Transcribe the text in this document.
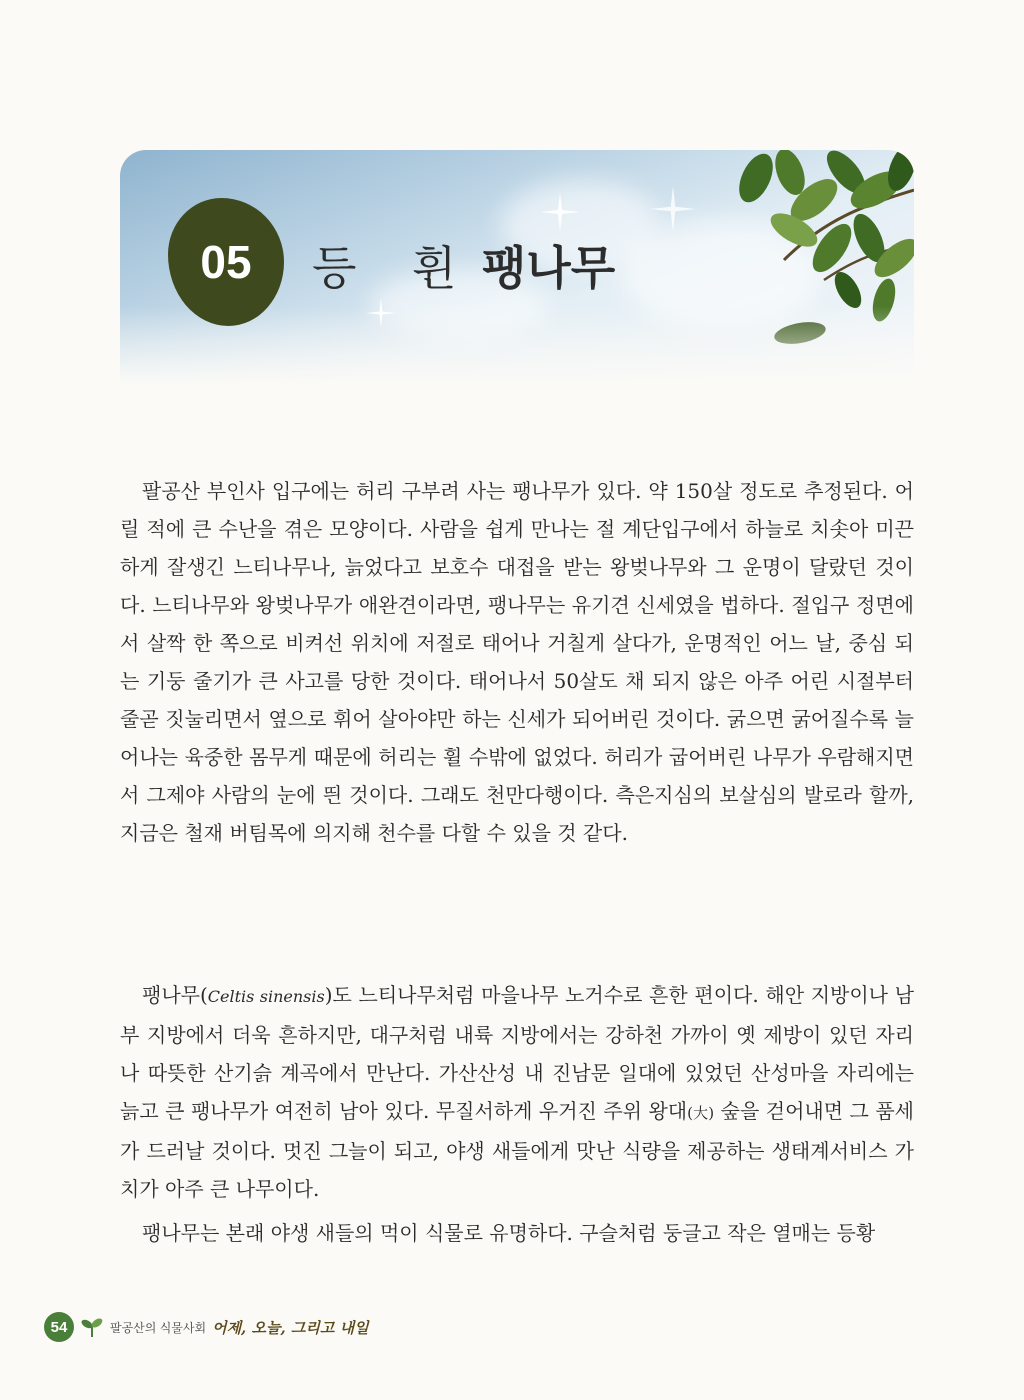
05 등 휜 팽나무

팔공산 부인사 입구에는 허리 구부려 사는 팽나무가 있다. 약 150살 정도로 추정된다. 어릴 적에 큰 수난을 겪은 모양이다. 사람을 쉽게 만나는 절 계단입구에서 하늘로 치솟아 미끈하게 잘생긴 느티나무나, 늙었다고 보호수 대접을 받는 왕벚나무와 그 운명이 달랐던 것이다. 느티나무와 왕벚나무가 애완견이라면, 팽나무는 유기견 신세였을 법하다. 절입구 정면에서 살짝 한 쪽으로 비켜선 위치에 저절로 태어나 거칠게 살다가, 운명적인 어느 날, 중심 되는 기둥 줄기가 큰 사고를 당한 것이다. 태어나서 50살도 채 되지 않은 아주 어린 시절부터 줄곧 짓눌리면서 옆으로 휘어 살아야만 하는 신세가 되어버린 것이다. 굵으면 굵어질수록 늘어나는 육중한 몸무게 때문에 허리는 휠 수밖에 없었다. 허리가 굽어버린 나무가 우람해지면서 그제야 사람의 눈에 띈 것이다. 그래도 천만다행이다. 측은지심의 보살심의 발로라 할까, 지금은 철재 버팀목에 의지해 천수를 다할 수 있을 것 같다.

팽나무(Celtis sinensis)도 느티나무처럼 마을나무 노거수로 흔한 편이다. 해안 지방이나 남부 지방에서 더욱 흔하지만, 대구처럼 내륙 지방에서는 강하천 가까이 옛 제방이 있던 자리나 따뜻한 산기슭 계곡에서 만난다. 가산산성 내 진남문 일대에 있었던 산성마을 자리에는 늙고 큰 팽나무가 여전히 남아 있다. 무질서하게 우거진 주위 왕대(大) 숲을 걷어내면 그 품세가 드러날 것이다. 멋진 그늘이 되고, 야생 새들에게 맛난 식량을 제공하는 생태계서비스 가치가 아주 큰 나무이다.

팽나무는 본래 야생 새들의 먹이 식물로 유명하다. 구슬처럼 둥글고 작은 열매는 등황

54	팔공산의 식물사회 어제, 오늘, 그리고 내일
